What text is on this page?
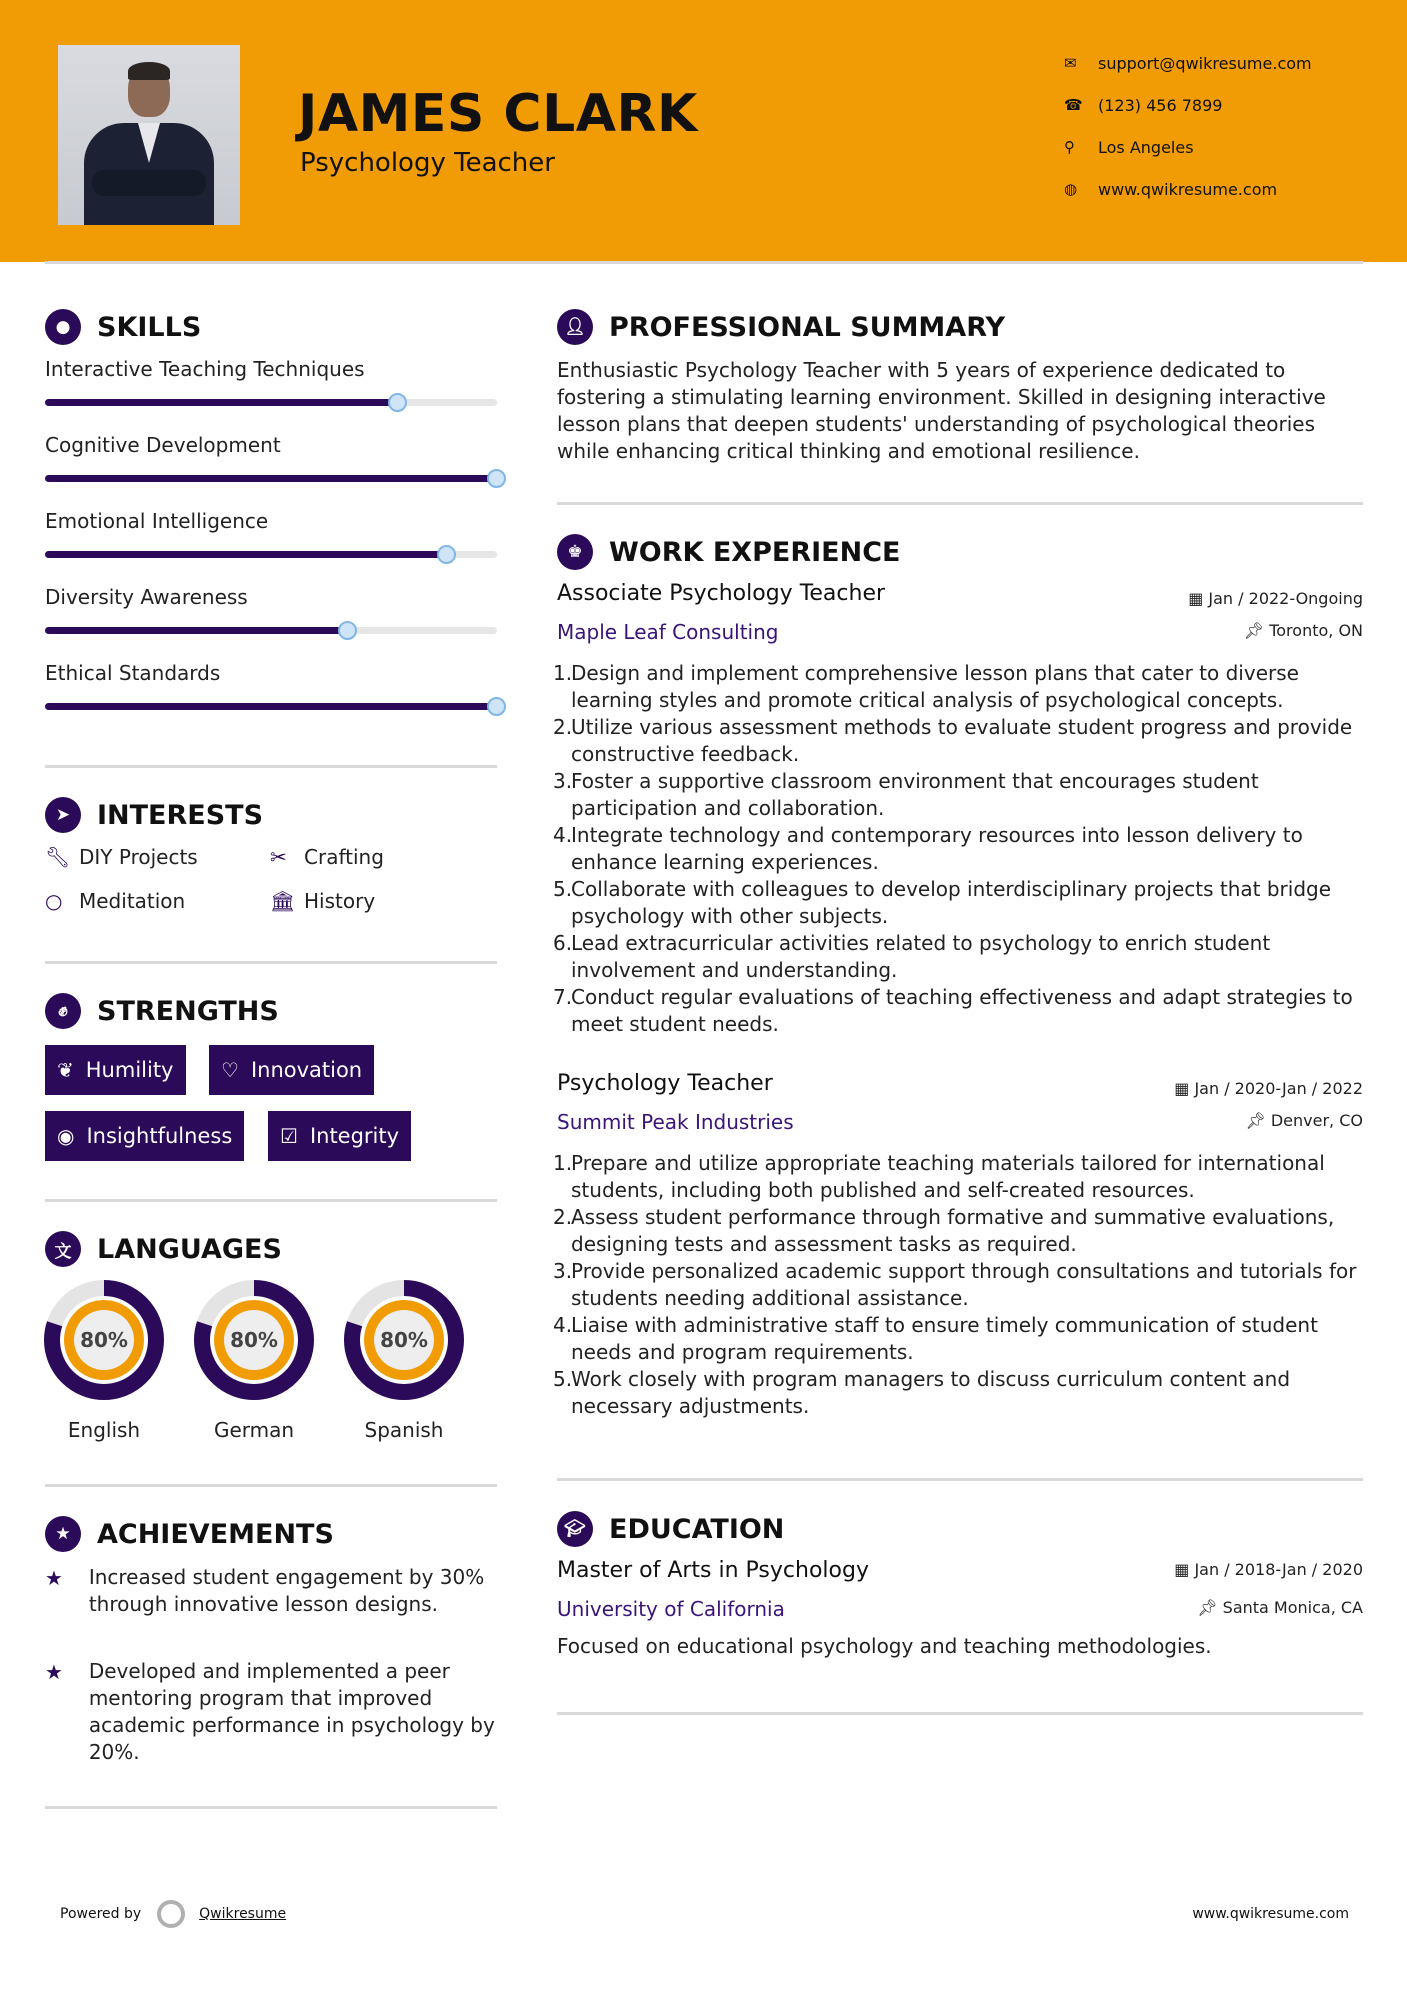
JAMES CLARK
Psychology Teacher
✉	support@qwikresume.com
☎ (123) 456 7899
⚲	Los Angeles
◍	www.qwikresume.com
● SKILLS
Interactive Teaching Techniques
Cognitive Development
Emotional Intelligence
Diversity Awareness
Ethical Standards
➤ INTERESTS
🔧︎ DIY Projects	✂ Crafting
○ Meditation	🏛︎ History
✊︎	STRENGTHS
❦ Humility ♡ Innovation
◉ Insightfulness ☑ Integrity
文 LANGUAGES
80%
English
80%
German
80%
Spanish
★ ACHIEVEMENTS
★	Increased student engagement by 30% through innovative lesson designs.
★	Developed and implemented a peer mentoring program that improved academic performance in psychology by 20%.
👤︎ PROFESSIONAL SUMMARY
Enthusiastic Psychology Teacher with 5 years of experience dedicated to fostering a stimulating learning environment. Skilled in designing interactive lesson plans that deepen students' understanding of psychological theories while enhancing critical thinking and emotional resilience.
♚ WORK EXPERIENCE
Associate Psychology Teacher	▦ Jan / 2022-Ongoing
Maple Leaf Consulting	📌︎ Toronto, ON
1.
Design and implement comprehensive lesson plans that cater to diverse learning styles and promote critical analysis of psychological concepts.
2.
Utilize various assessment methods to evaluate student progress and provide constructive feedback.
3.
Foster a supportive classroom environment that encourages student participation and collaboration.
4.
Integrate technology and contemporary resources into lesson delivery to enhance learning experiences.
5.
Collaborate with colleagues to develop interdisciplinary projects that bridge psychology with other subjects.
6.
Lead extracurricular activities related to psychology to enrich student involvement and understanding.
7.
Conduct regular evaluations of teaching effectiveness and adapt strategies to meet student needs.
Psychology Teacher	▦ Jan / 2020-Jan / 2022
Summit Peak Industries	📌︎ Denver, CO
1.
Prepare and utilize appropriate teaching materials tailored for international students, including both published and self-created resources.
2.
Assess student performance through formative and summative evaluations, designing tests and assessment tasks as required.
3.
Provide personalized academic support through consultations and tutorials for students needing additional assistance.
4.
Liaise with administrative staff to ensure timely communication of student needs and program requirements.
5.
Work closely with program managers to discuss curriculum content and necessary adjustments.
🎓︎ EDUCATION
Master of Arts in Psychology	▦ Jan / 2018-Jan / 2020
University of California	📌︎ Santa Monica, CA
Focused on educational psychology and teaching methodologies.
Powered by	Qwikresume	www.qwikresume.com
